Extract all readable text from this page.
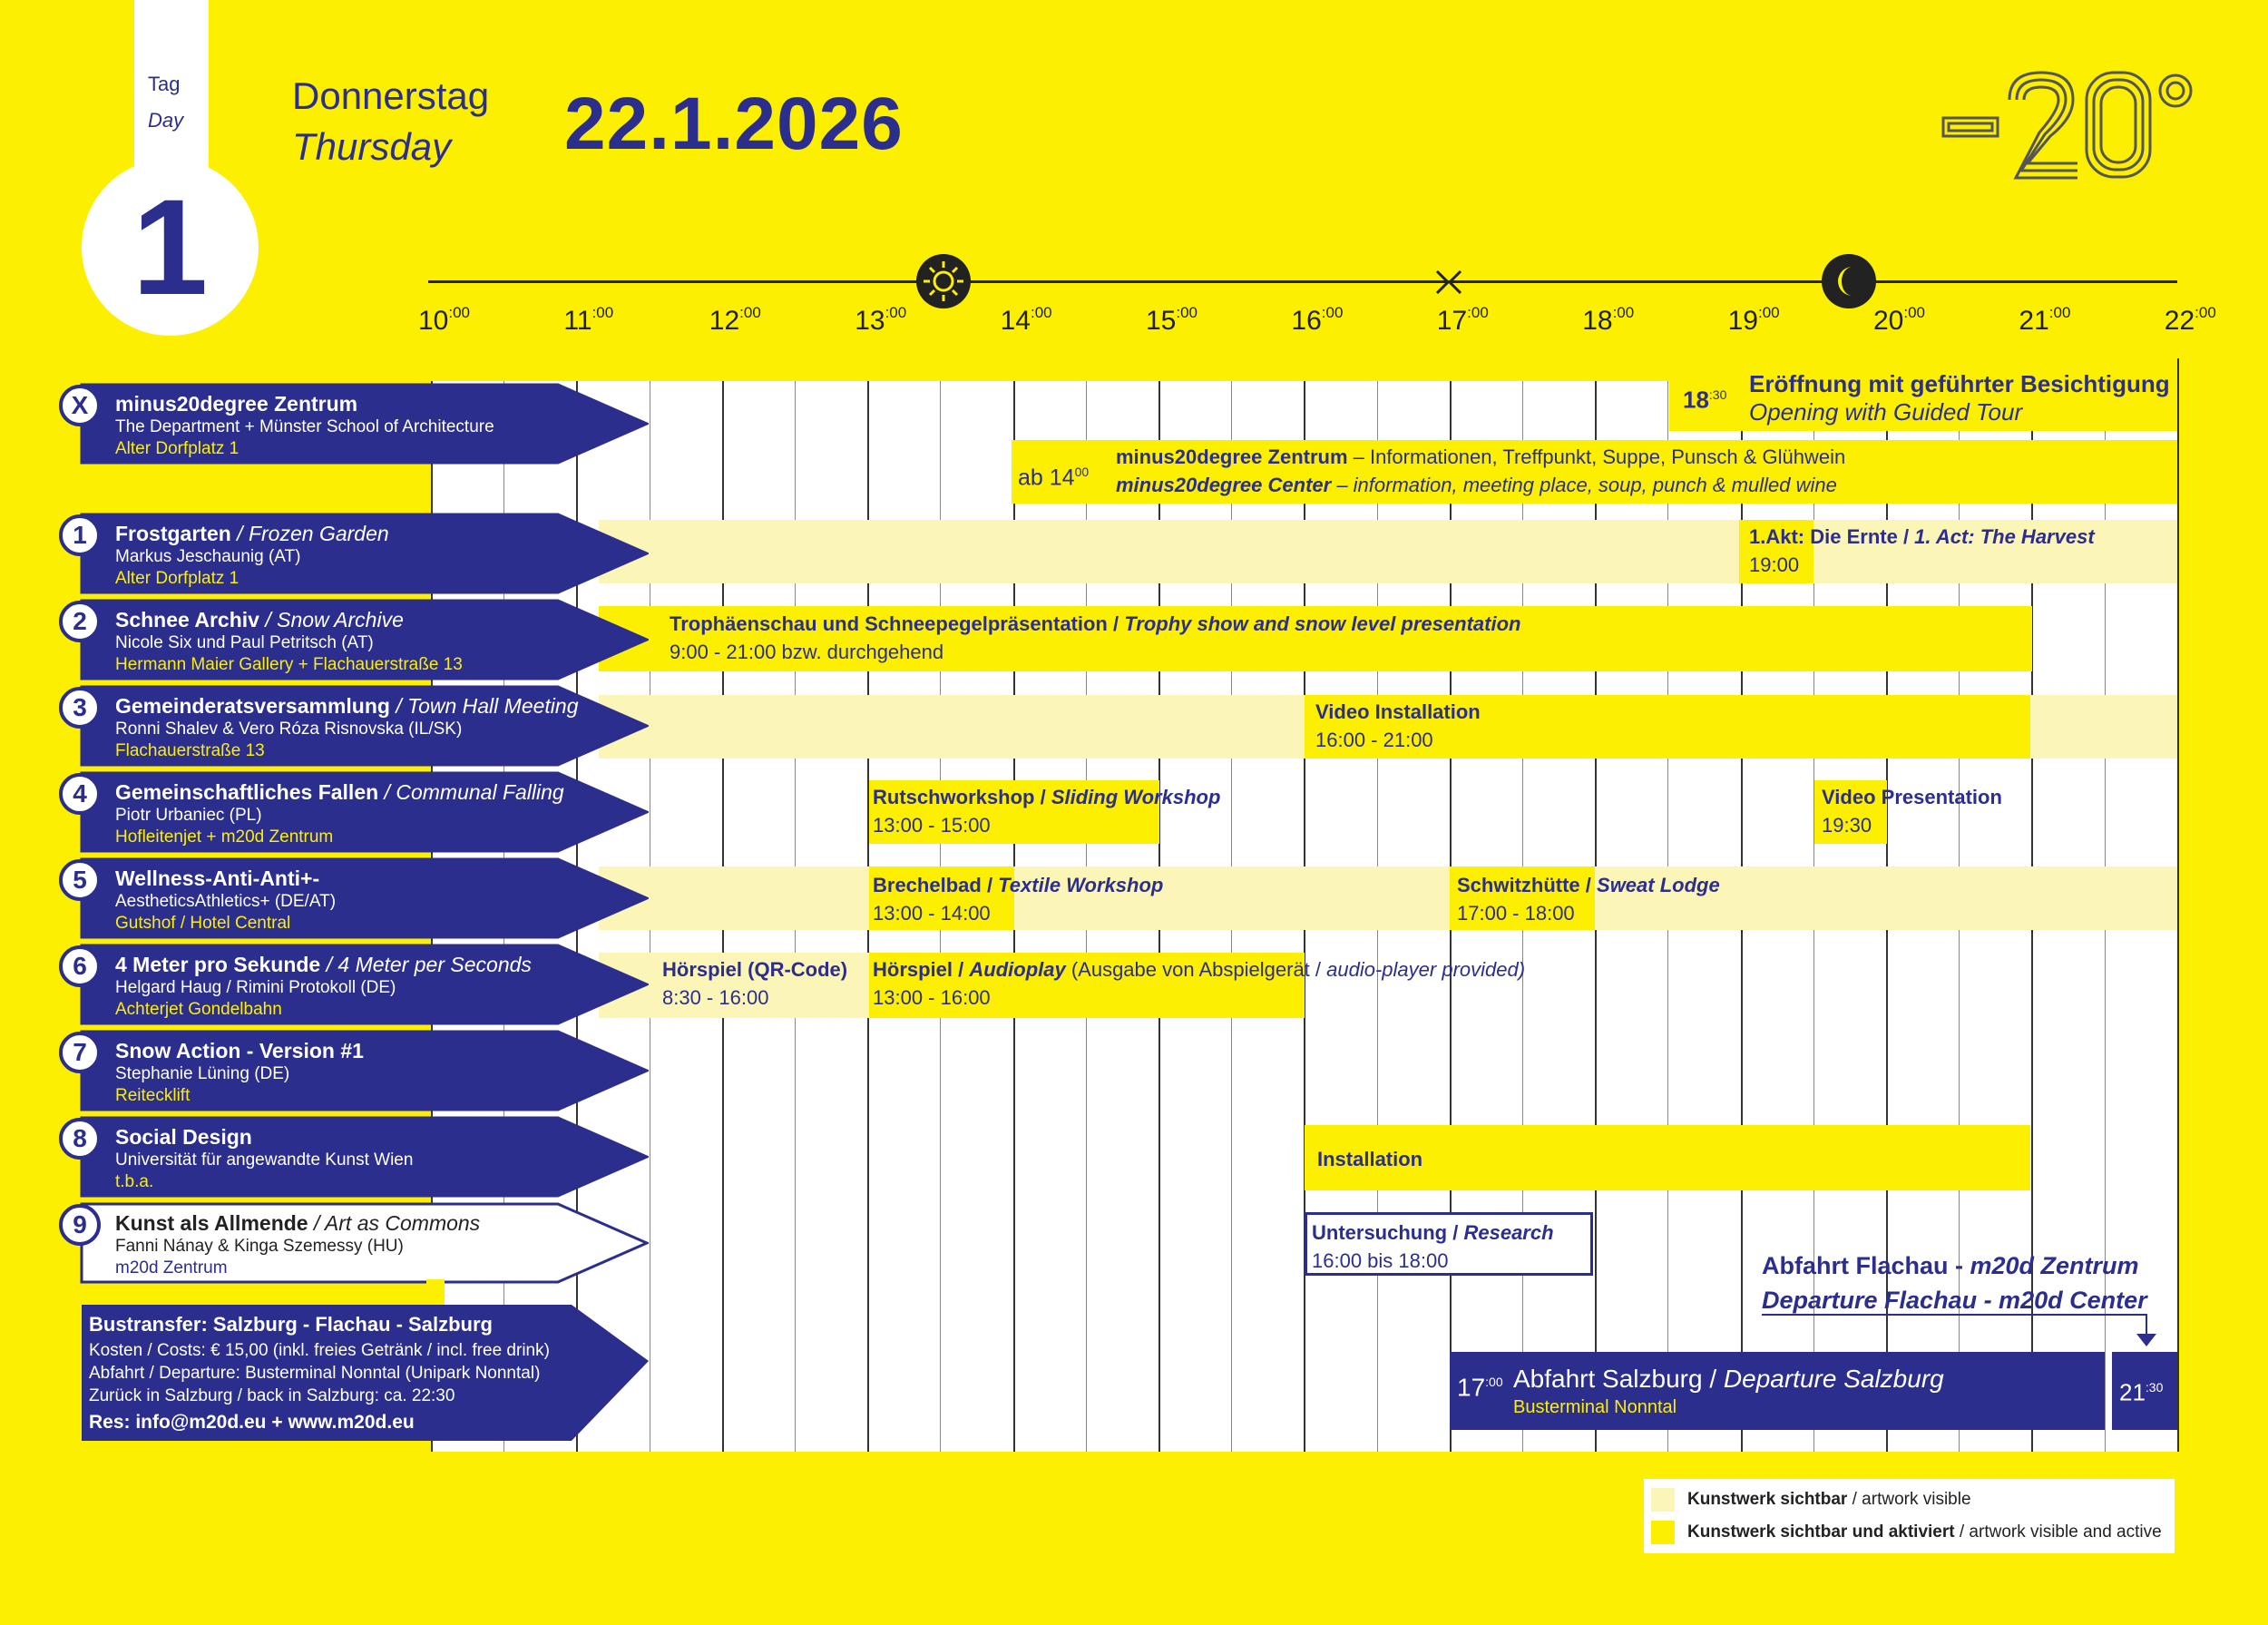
Tag
Day
1
Donnerstag
Thursday 22.1.2026
$10^{:00}$	$11^{:00}$	$12^{:00}$	$13^{:00}$	$14^{:00}$	$15^{:00}$	$16^{:00}$	$17^{:00}$	$18^{:00}$	$19^{:00}$	$20^{:00}$	$21^{:00}$	$22^{:00}$
$18^{:30}$ Eröffnung mit geführter Besichtigung
Opening with Guided Tour
ab $14^{00}$
minus20degree Zentrum – Informationen, Treffpunkt, Suppe, Punsch & Glühwein
minus20degree Center – information, meeting place, soup, punch & mulled wine
1.Akt: Die Ernte / 1. Act: The Harvest
19:00
Trophäenschau und Schneepegelpräsentation / Trophy show and snow level presentation
9:00 - 21:00 bzw. durchgehend
Video Installation
16:00 - 21:00
Rutschworkshop / Sliding Workshop
13:00 - 15:00
Video Presentation
19:30
Brechelbad / Textile Workshop
13:00 - 14:00
Schwitzhütte / Sweat Lodge
17:00 - 18:00
Hörspiel (QR-Code)
8:30 - 16:00
Hörspiel / Audioplay (Ausgabe von Abspielgerät / audio-player provided)
13:00 - 16:00
Installation
Untersuchung / Research
16:00 bis 18:00	Abfahrt Flachau - m20d Zentrum
Departure Flachau - m20d Center
$17^{:00}$ Abfahrt Salzburg / Departure Salzburg
Busterminal Nonntal
$21^{:30}$
X	minus20degree Zentrum
The Department + Münster School of Architecture
Alter Dorfplatz 1
1	Frostgarten / Frozen Garden
Markus Jeschaunig (AT)
Alter Dorfplatz 1
2	Schnee Archiv / Snow Archive
Nicole Six und Paul Petritsch (AT)
Hermann Maier Gallery + Flachauerstraße 13
3	Gemeinderatsversammlung / Town Hall Meeting
Ronni Shalev & Vero Róza Risnovska (IL/SK)
Flachauerstraße 13
4	Gemeinschaftliches Fallen / Communal Falling
Piotr Urbaniec (PL)
Hofleitenjet + m20d Zentrum
5	Wellness-Anti-Anti+-
AestheticsAthletics+ (DE/AT)
Gutshof / Hotel Central
6	4 Meter pro Sekunde / 4 Meter per Seconds
Helgard Haug / Rimini Protokoll (DE)
Achterjet Gondelbahn
7	Snow Action - Version #1
Stephanie Lüning (DE)
Reitecklift
8	Social Design
Universität für angewandte Kunst Wien
t.b.a.
9	Kunst als Allmende / Art as Commons
Fanni Nánay & Kinga Szemessy (HU)
m20d Zentrum
Bustransfer: Salzburg - Flachau - Salzburg
Kosten / Costs: € 15,00 (inkl. freies Getränk / incl. free drink)
Abfahrt / Departure: Busterminal Nonntal (Unipark Nonntal)
Zurück in Salzburg / back in Salzburg: ca. 22:30
Res: info@m20d.eu + www.m20d.eu
Kunstwerk sichtbar / artwork visible
Kunstwerk sichtbar und aktiviert / artwork visible and active
